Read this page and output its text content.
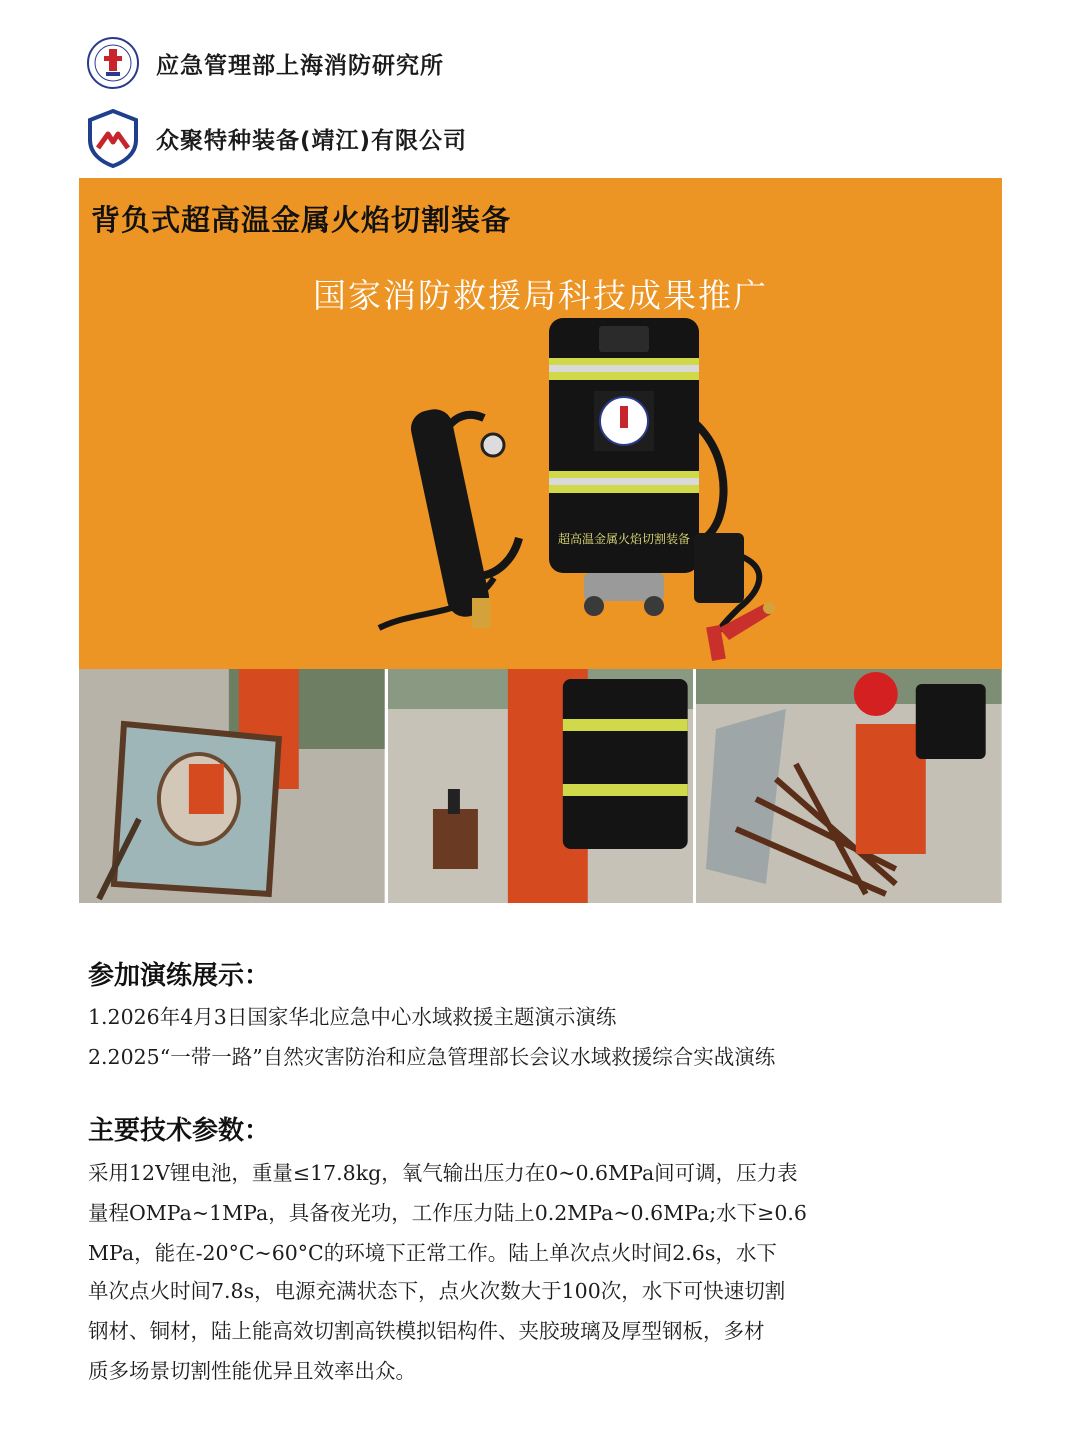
应急管理部上海消防研究所
众聚特种装备(靖江)有限公司
背负式超高温金属火焰切割装备
国家消防救援局科技成果推广
超高温金属火焰切割装备
参加演练展示：
1.2026年4月3日国家华北应急中心水域救援主题演示演练
2.2025“一带一路”自然灾害防治和应急管理部长会议水域救援综合实战演练
主要技术参数：
采用12V锂电池，重量≤17.8kg，氧气输出压力在0~0.6MPa间可调，压力表
量程OMPa~1MPa，具备夜光功，工作压力陆上0.2MPa~0.6MPa;水下≥0.6
MPa，能在-20°C~60°C的环境下正常工作。陆上单次点火时间2.6s，水下
单次点火时间7.8s，电源充满状态下，点火次数大于100次，水下可快速切割
钢材、铜材，陆上能高效切割高铁模拟铝构件、夹胶玻璃及厚型钢板，多材
质多场景切割性能优异且效率出众。
